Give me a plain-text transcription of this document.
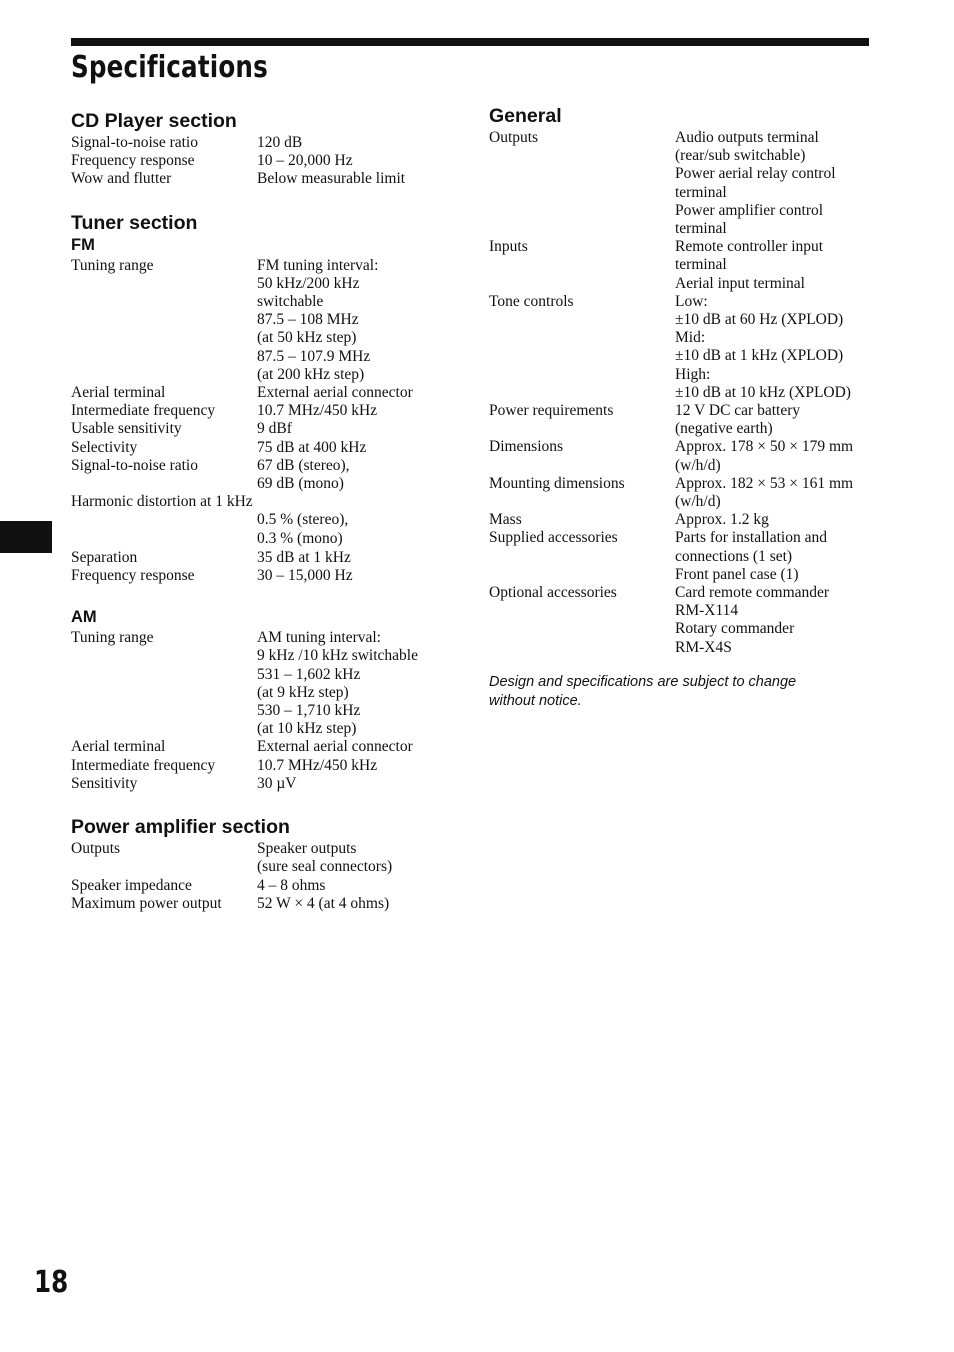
Specifications
CD Player section
Signal-to-noise ratio	120 dB
Frequency response	10 – 20,000 Hz
Wow and flutter	Below measurable limit
Tuner section
FM
Tuning range	FM tuning interval:
50 kHz/200 kHz
switchable
87.5 – 108 MHz
(at 50 kHz step)
87.5 – 107.9 MHz
(at 200 kHz step)
Aerial terminal	External aerial connector
Intermediate frequency	10.7 MHz/450 kHz
Usable sensitivity	9 dBf
Selectivity	75 dB at 400 kHz
Signal-to-noise ratio	67 dB (stereo),
69 dB (mono)
Harmonic distortion at 1 kHz
0.5 % (stereo),
0.3 % (mono)
Separation	35 dB at 1 kHz
Frequency response	30 – 15,000 Hz
AM
Tuning range	AM tuning interval:
9 kHz /10 kHz switchable
531 – 1,602 kHz
(at 9 kHz step)
530 – 1,710 kHz
(at 10 kHz step)
Aerial terminal	External aerial connector
Intermediate frequency	10.7 MHz/450 kHz
Sensitivity	30 µV
Power amplifier section
Outputs	Speaker outputs
(sure seal connectors)
Speaker impedance	4 – 8 ohms
Maximum power output	52 W × 4 (at 4 ohms)
General
Outputs	Audio outputs terminal
(rear/sub switchable)
Power aerial relay control
terminal
Power amplifier control
terminal
Inputs	Remote controller input
terminal
Aerial input terminal
Tone controls	Low:
±10 dB at 60 Hz (XPLOD)
Mid:
±10 dB at 1 kHz (XPLOD)
High:
±10 dB at 10 kHz (XPLOD)
Power requirements	12 V DC car battery
(negative earth)
Dimensions	Approx. 178 × 50 × 179 mm
(w/h/d)
Mounting dimensions	Approx. 182 × 53 × 161 mm
(w/h/d)
Mass	Approx. 1.2 kg
Supplied accessories	Parts for installation and
connections (1 set)
Front panel case (1)
Optional accessories	Card remote commander
RM-X114
Rotary commander
RM-X4S
Design and specifications are subject to change
without notice.
18
